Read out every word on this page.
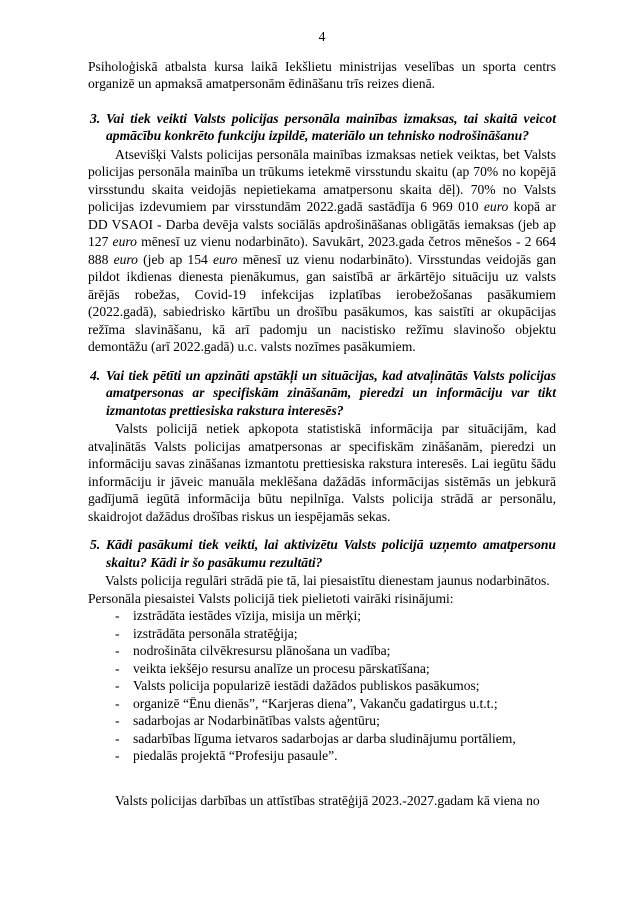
4

Psiholoģiskā atbalsta kursa laikā Iekšlietu ministrijas veselības un sporta centrs organizē un apmaksā amatpersonām ēdināšanu trīs reizes dienā.

3. Vai tiek veikti Valsts policijas personāla mainības izmaksas, tai skaitā veicot apmācību konkrēto funkciju izpildē, materiālo un tehnisko nodrošināšanu?

Atsevišķi Valsts policijas personāla mainības izmaksas netiek veiktas, bet Valsts policijas personāla mainība un trūkums ietekmē virsstundu skaitu (ap 70% no kopējā virsstundu skaita veidojās nepietiekama amatpersonu skaita dēļ). 70% no Valsts policijas izdevumiem par virsstundām 2022.gadā sastādīja 6 969 010 euro kopā ar DD VSAOI - Darba devēja valsts sociālās apdrošināšanas obligātās iemaksas (jeb ap 127 euro mēnesī uz vienu nodarbināto). Savukārt, 2023.gada četros mēnešos - 2 664 888 euro (jeb ap 154 euro mēnesī uz vienu nodarbināto). Virsstundas veidojās gan pildot ikdienas dienesta pienākumus, gan saistībā ar ārkārtējo situāciju uz valsts ārējās robežas, Covid-19 infekcijas izplatības ierobežošanas pasākumiem (2022.gadā), sabiedrisko kārtību un drošību pasākumos, kas saistīti ar okupācijas režīma slavināšanu, kā arī padomju un nacistisko režīmu slavinošo objektu demontāžu (arī 2022.gadā) u.c. valsts nozīmes pasākumiem.

4. Vai tiek pētīti un apzināti apstākļi un situācijas, kad atvaļinātās Valsts policijas amatpersonas ar specifiskām zināšanām, pieredzi un informāciju var tikt izmantotas prettiesiska rakstura interesēs?

Valsts policijā netiek apkopota statistiskā informācija par situācijām, kad atvaļinātās Valsts policijas amatpersonas ar specifiskām zināšanām, pieredzi un informāciju savas zināšanas izmantotu prettiesiska rakstura interesēs. Lai iegūtu šādu informāciju ir jāveic manuāla meklēšana dažādās informācijas sistēmās un jebkurā gadījumā iegūtā informācija būtu nepilnīga. Valsts policija strādā ar personālu, skaidrojot dažādus drošības riskus un iespējamās sekas.

5. Kādi pasākumi tiek veikti, lai aktivizētu Valsts policijā uzņemto amatpersonu skaitu? Kādi ir šo pasākumu rezultāti?

Valsts policija regulāri strādā pie tā, lai piesaistītu dienestam jaunus nodarbinātos.

Personāla piesaistei Valsts policijā tiek pielietoti vairāki risinājumi:

- izstrādāta iestādes vīzija, misija un mērķi;
- izstrādāta personāla stratēģija;
- nodrošināta cilvēkresursu plānošana un vadība;
- veikta iekšējo resursu analīze un procesu pārskatīšana;
- Valsts policija popularizē iestādi dažādos publiskos pasākumos;
- organizē “Ēnu dienās”, “Karjeras diena”, Vakanču gadatirgus u.t.t.;
- sadarbojas ar Nodarbinātības valsts aģentūru;
- sadarbības līguma ietvaros sadarbojas ar darba sludinājumu portāliem,
- piedalās projektā “Profesiju pasaule”.

Valsts policijas darbības un attīstības stratēģijā 2023.-2027.gadam kā viena no
